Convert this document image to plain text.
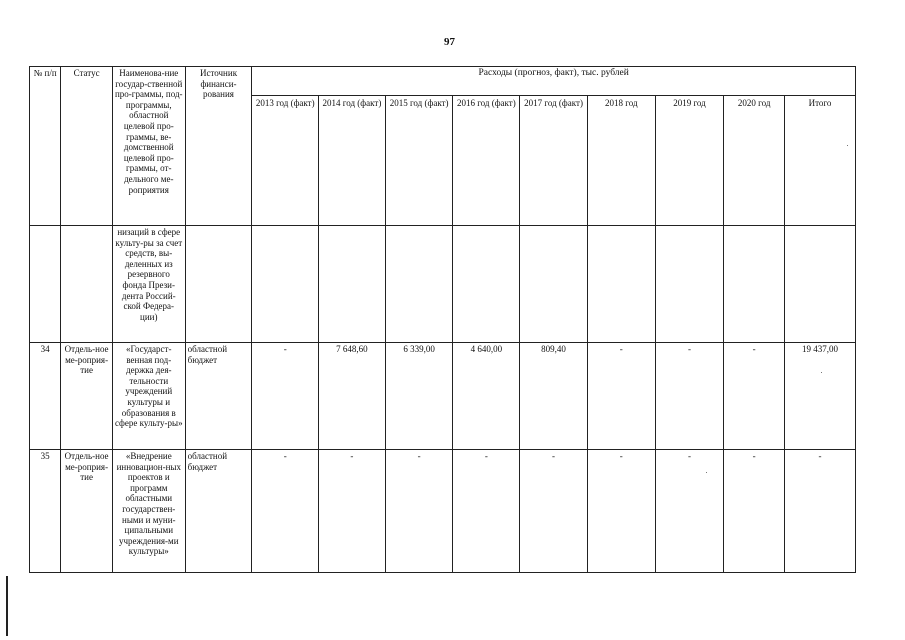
97
№ п/п	Статус	Наименова-ние государ-ственной про-граммы, под-программы, областной целевой про-граммы, ве-домственной целевой про-граммы, от-дельного ме-роприятия	Источник финанси-рования	Расходы (прогноз, факт), тыс. рублей								
				2013 год (факт)	2014 год (факт)	2015 год (факт)	2016 год (факт)	2017 год (факт)	2018 год	2019 год	2020 год	Итого
		низаций в сфере культу-ры за счет средств, вы-деленных из резервного фонда Прези-дента Россий-ской Федера-ции)										
34	Отдель-ное ме-роприя-тие	«Государст-венная под-держка дея-тельности учреждений культуры и образования в сфере культу-ры»	областной бюджет	-	7 648,60	6 339,00	4 640,00	809,40	-	-	-	19 437,00
35	Отдель-ное ме-роприя-тие	«Внедрение инновацион-ных проектов и программ областными государствен-ными и муни-ципальными учреждения-ми культуры»	областной бюджет	-	-	-	-	-	-	-	-	-
